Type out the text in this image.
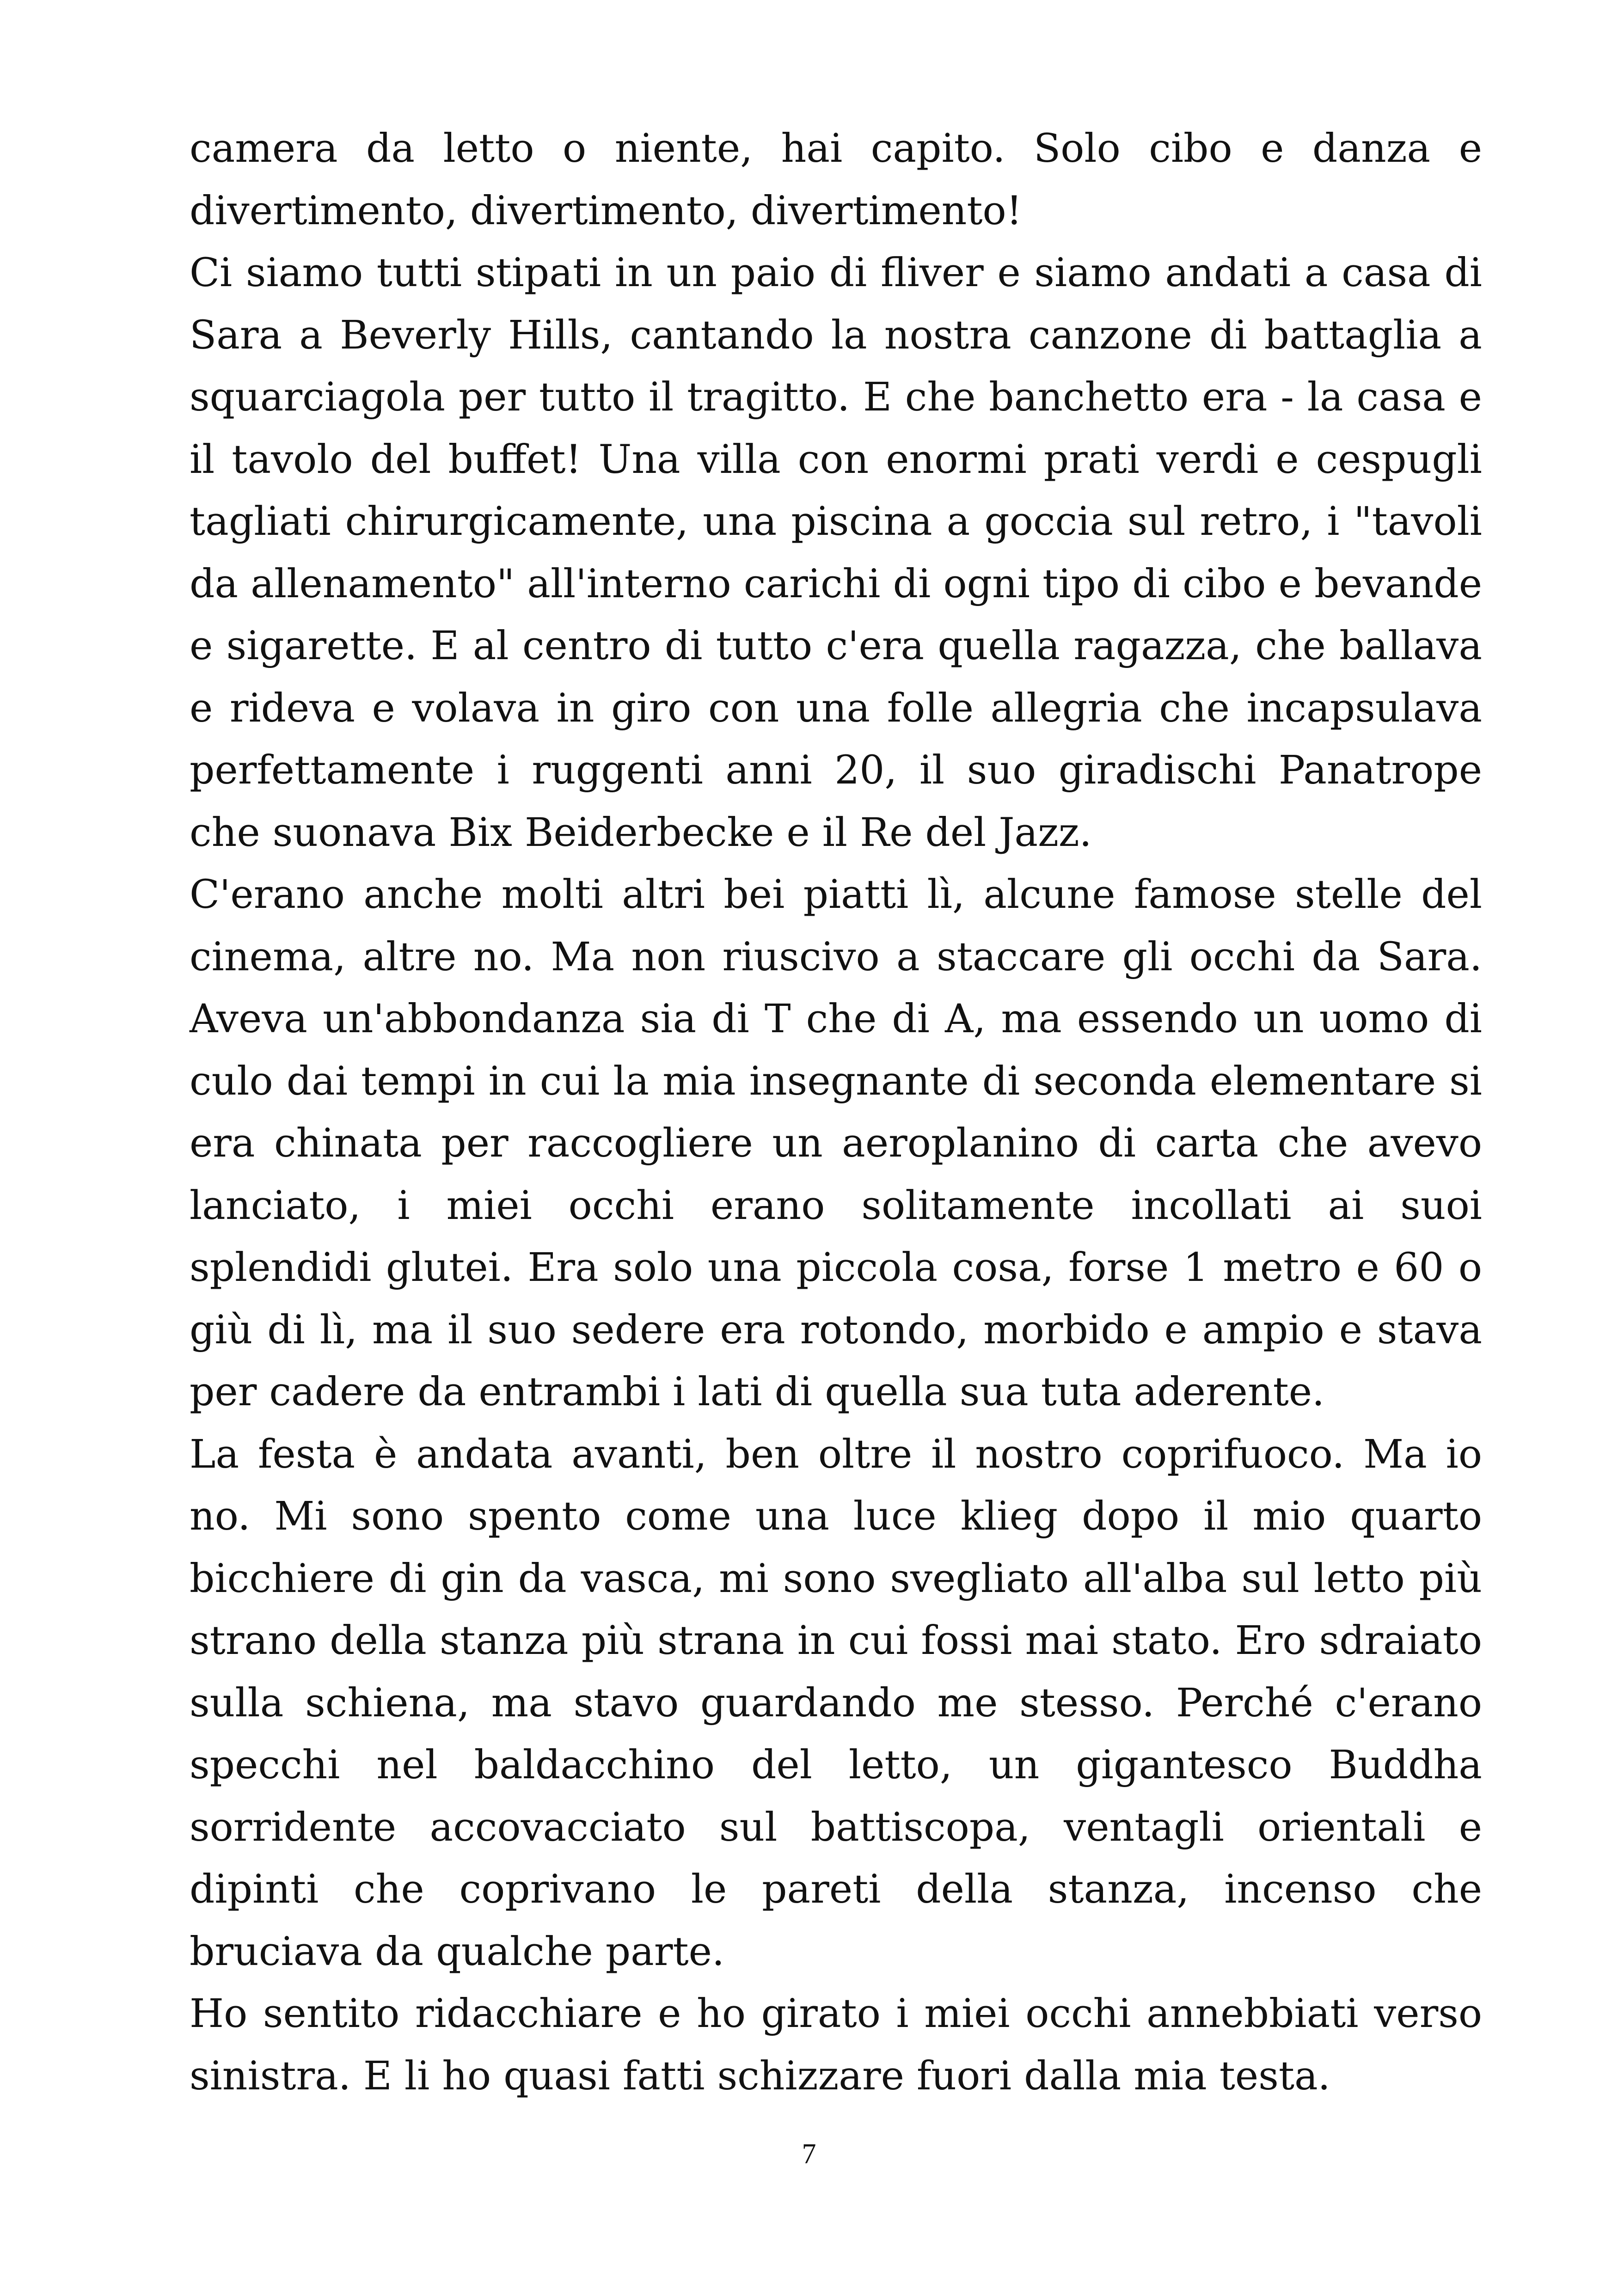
camera da letto o niente, hai capito. Solo cibo e danza e divertimento, divertimento, divertimento!

Ci siamo tutti stipati in un paio di fliver e siamo andati a casa di Sara a Beverly Hills, cantando la nostra canzone di battaglia a squarciagola per tutto il tragitto. E che banchetto era - la casa e il tavolo del buffet! Una villa con enormi prati verdi e cespugli tagliati chirurgicamente, una piscina a goccia sul retro, i "tavoli da allenamento" all'interno carichi di ogni tipo di cibo e bevande e sigarette. E al centro di tutto c'era quella ragazza, che ballava e rideva e volava in giro con una folle allegria che incapsulava perfettamente i ruggenti anni 20, il suo giradischi Panatrope che suonava Bix Beiderbecke e il Re del Jazz.

C'erano anche molti altri bei piatti lì, alcune famose stelle del cinema, altre no. Ma non riuscivo a staccare gli occhi da Sara. Aveva un'abbondanza sia di T che di A, ma essendo un uomo di culo dai tempi in cui la mia insegnante di seconda elementare si era chinata per raccogliere un aeroplanino di carta che avevo lanciato, i miei occhi erano solitamente incollati ai suoi splendidi glutei. Era solo una piccola cosa, forse 1 metro e 60 o giù di lì, ma il suo sedere era rotondo, morbido e ampio e stava per cadere da entrambi i lati di quella sua tuta aderente.

La festa è andata avanti, ben oltre il nostro coprifuoco. Ma io no. Mi sono spento come una luce klieg dopo il mio quarto bicchiere di gin da vasca, mi sono svegliato all'alba sul letto più strano della stanza più strana in cui fossi mai stato. Ero sdraiato sulla schiena, ma stavo guardando me stesso. Perché c'erano specchi nel baldacchino del letto, un gigantesco Buddha sorridente accovacciato sul battiscopa, ventagli orientali e dipinti che coprivano le pareti della stanza, incenso che bruciava da qualche parte.

Ho sentito ridacchiare e ho girato i miei occhi annebbiati verso sinistra. E li ho quasi fatti schizzare fuori dalla mia testa.

7
